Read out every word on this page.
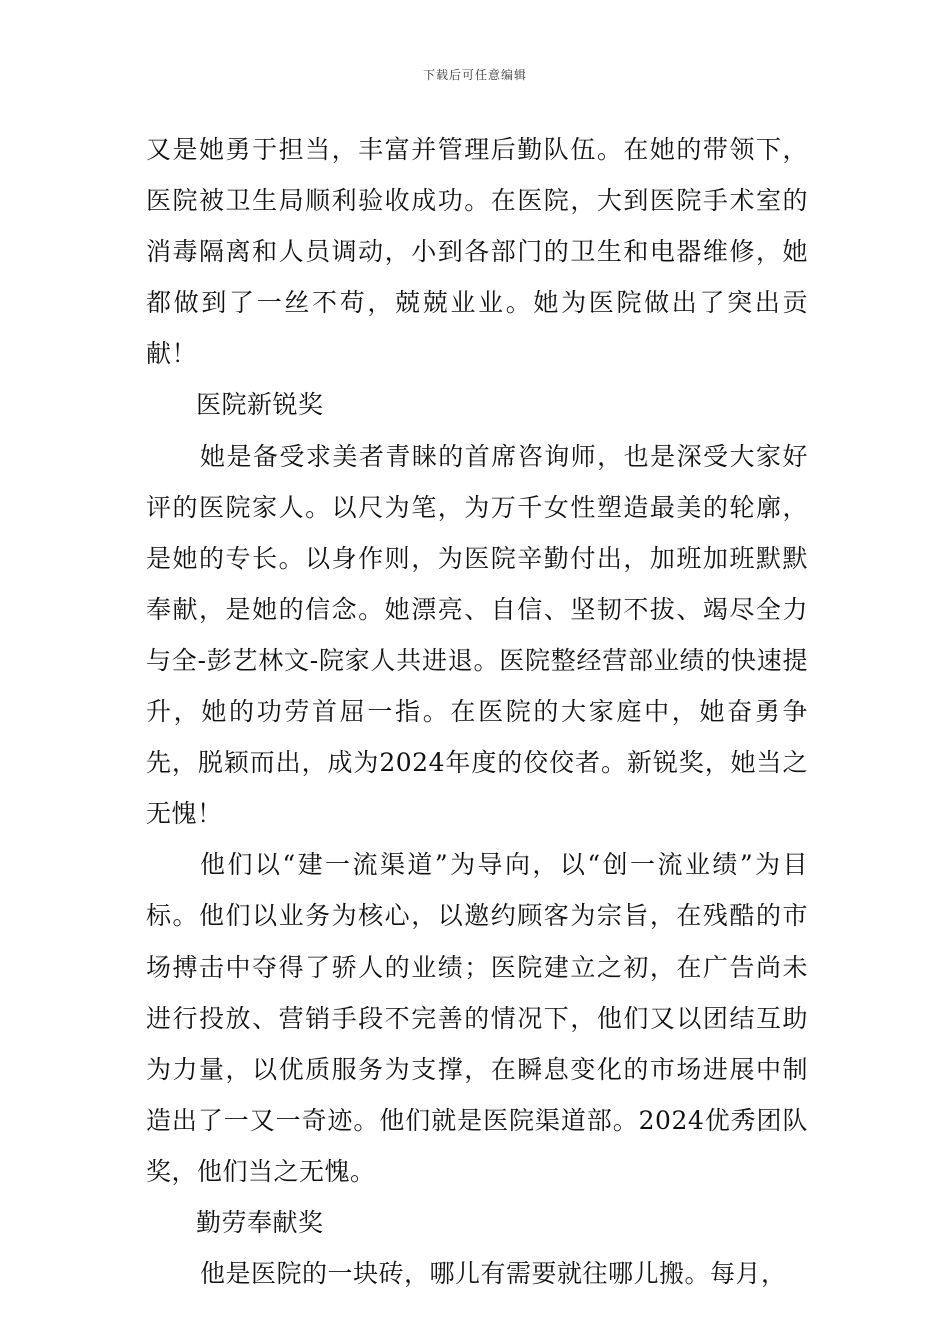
下载后可任意编辑

又是她勇于担当，丰富并管理后勤队伍。在她的带领下，医院被卫生局顺利验收成功。在医院，大到医院手术室的消毒隔离和人员调动，小到各部门的卫生和电器维修，她都做到了一丝不苟，兢兢业业。她为医院做出了突出贡献！

医院新锐奖

她是备受求美者青睐的首席咨询师，也是深受大家好评的医院家人。以尺为笔，为万千女性塑造最美的轮廓，是她的专长。以身作则，为医院辛勤付出，加班加班默默奉献，是她的信念。她漂亮、自信、坚韧不拔、竭尽全力与全-彭艺林文-院家人共进退。医院整经营部业绩的快速提升，她的功劳首屈一指。在医院的大家庭中，她奋勇争先，脱颖而出，成为2024年度的佼佼者。新锐奖，她当之无愧！

他们以“建一流渠道”为导向，以“创一流业绩”为目标。他们以业务为核心，以邀约顾客为宗旨，在残酷的市场搏击中夺得了骄人的业绩；医院建立之初，在广告尚未进行投放、营销手段不完善的情况下，他们又以团结互助为力量，以优质服务为支撑，在瞬息变化的市场进展中制造出了一又一奇迹。他们就是医院渠道部。2024优秀团队奖，他们当之无愧。

勤劳奉献奖

他是医院的一块砖，哪儿有需要就往哪儿搬。每月，
